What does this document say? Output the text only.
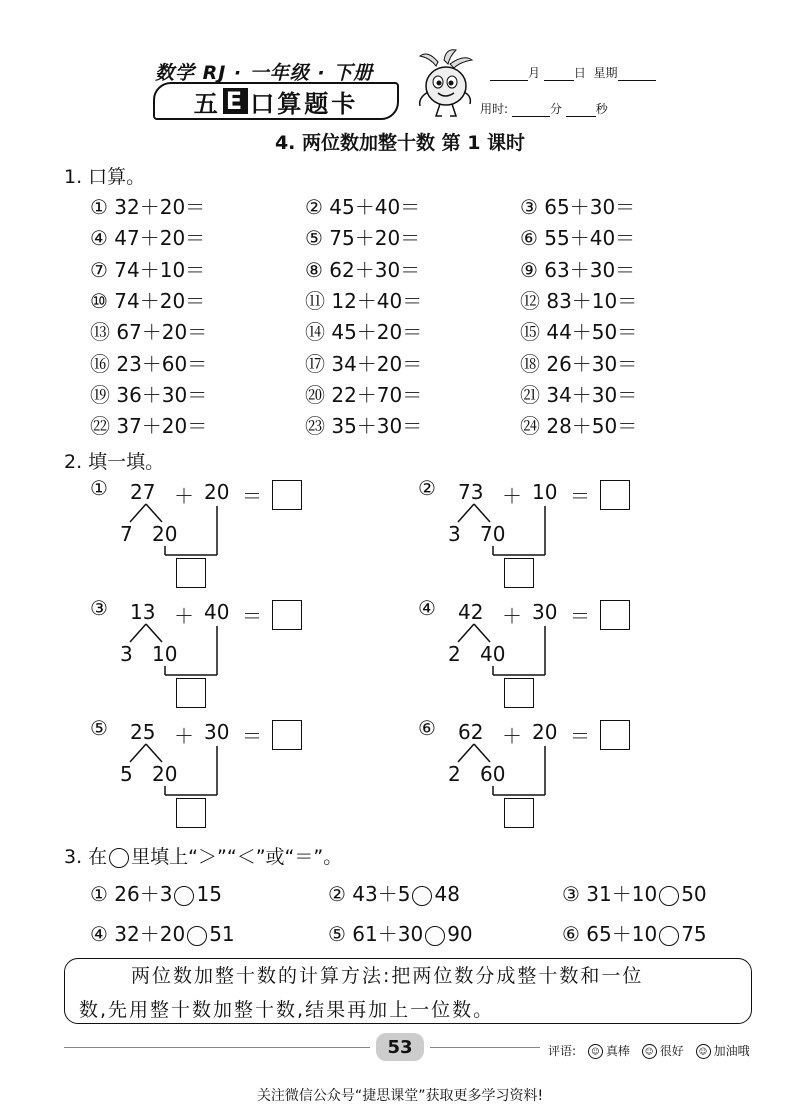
数学 RJ · 一年级 · 下册
五 E 口算题卡
月	日 星期
用时:	分	秒
4. 两位数加整十数 第 1 课时
1. 口算。
① 32＋20＝	② 45＋40＝	③ 65＋30＝
④ 47＋20＝	⑤ 75＋20＝	⑥ 55＋40＝
⑦ 74＋10＝	⑧ 62＋30＝	⑨ 63＋30＝
⑩ 74＋20＝	⑪ 12＋40＝	⑫ 83＋10＝
⑬ 67＋20＝	⑭ 45＋20＝	⑮ 44＋50＝
⑯ 23＋60＝	⑰ 34＋20＝	⑱ 26＋30＝
⑲ 36＋30＝	⑳ 22＋70＝	㉑ 34＋30＝
㉒ 37＋20＝	㉓ 35＋30＝	㉔ 28＋50＝
2. 填一填。
① 27 ＋ 20 ＝
7 20
② 73 ＋ 10 ＝
3 70
③ 13 ＋ 40 ＝
3 10
④ 42 ＋ 30 ＝
2 40
⑤ 25 ＋ 30 ＝
5 20
⑥ 62 ＋ 20 ＝
2 60
3. 在 里填上“＞”“＜”或“＝”。
① 26＋3 15	② 43＋5 48	③ 31＋10 50
④ 32＋20 51	⑤ 61＋30 90	⑥ 65＋10 75
两位数加整十数的计算方法:把两位数分成整十数和一位
数,先用整十数加整十数,结果再加上一位数。
53	评语: ☺ 真棒 ☺ 很好 ☺ 加油哦
关注微信公众号“捷思课堂”获取更多学习资料!
